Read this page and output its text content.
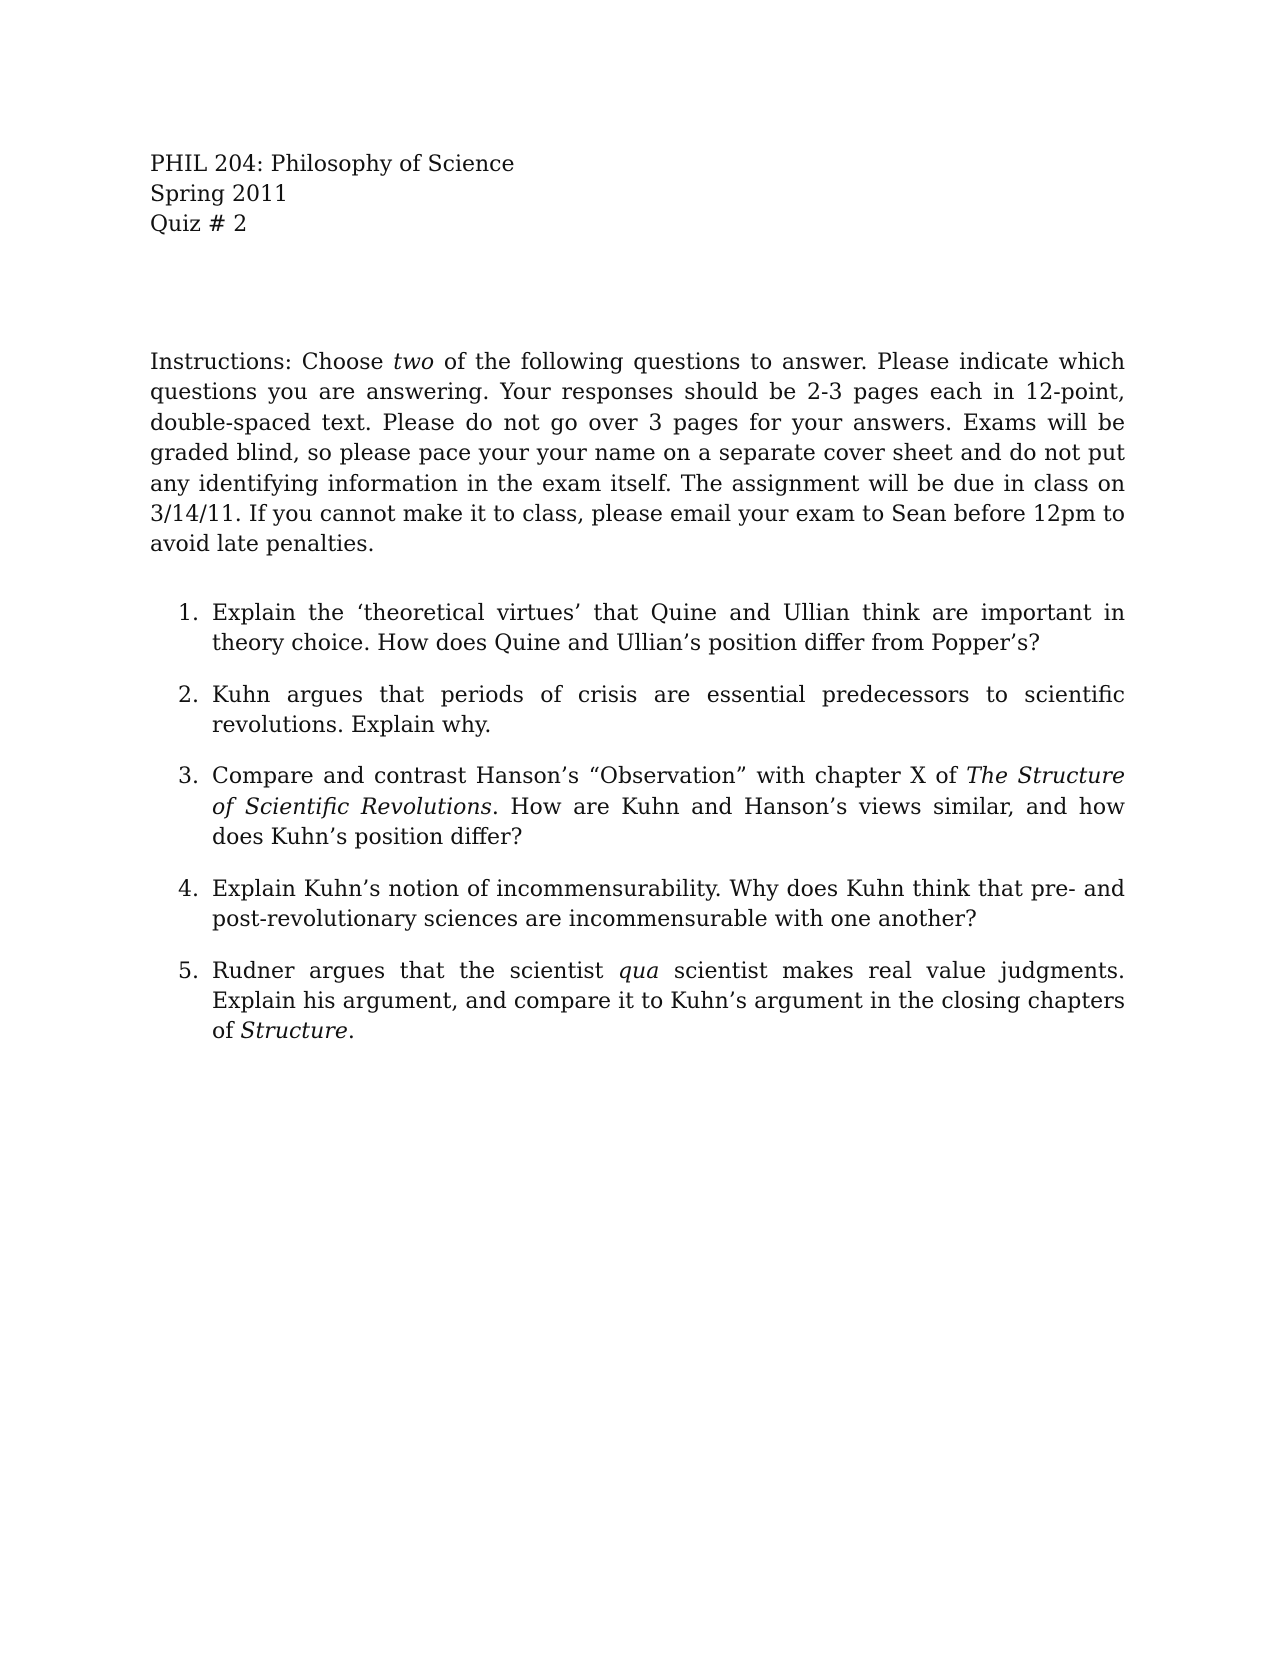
PHIL 204: Philosophy of Science

Spring 2011

Quiz # 2

Instructions: Choose two of the following questions to answer. Please indicate which questions you are answering. Your responses should be 2-3 pages each in 12-point, double-spaced text. Please do not go over 3 pages for your answers. Exams will be graded blind, so please pace your your name on a separate cover sheet and do not put any identifying information in the exam itself. The assignment will be due in class on 3/14/11. If you cannot make it to class, please email your exam to Sean before 12pm to avoid late penalties.

1. Explain the ‘theoretical virtues’ that Quine and Ullian think are important in theory choice. How does Quine and Ullian’s position differ from Popper’s?
2. Kuhn argues that periods of crisis are essential predecessors to scientific revolutions. Explain why.
3. Compare and contrast Hanson’s “Observation” with chapter X of The Structure of Scientific Revolutions. How are Kuhn and Hanson’s views similar, and how does Kuhn’s position differ?
4. Explain Kuhn’s notion of incommensurability. Why does Kuhn think that pre- and post-revolutionary sciences are incommensurable with one another?
5. Rudner argues that the scientist qua scientist makes real value judgments. Explain his argument, and compare it to Kuhn’s argument in the closing chapters of Structure.
